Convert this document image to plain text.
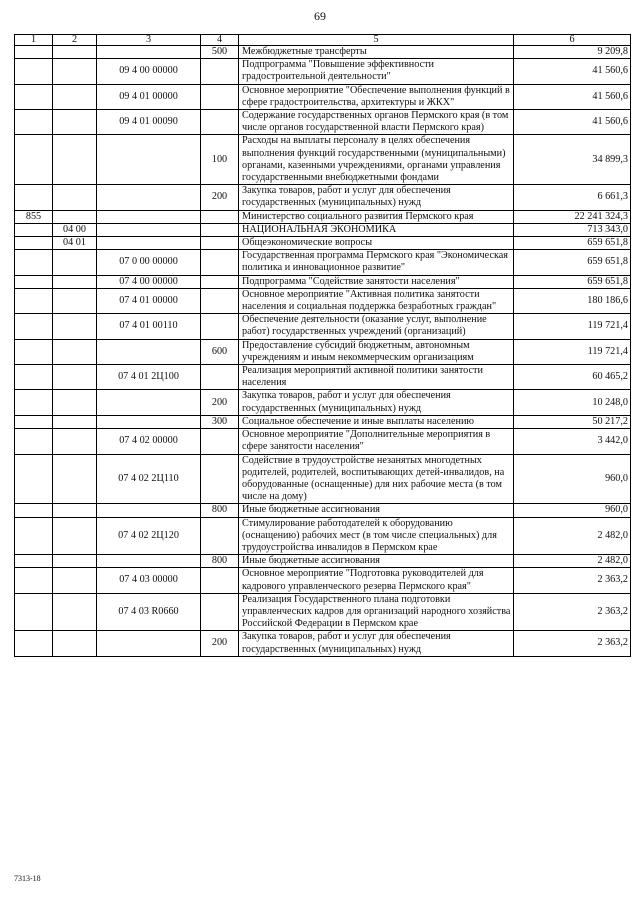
69
1	2	3	4	5	6
			500	Межбюджетные трансферты	9 209,8
		09 4 00 00000		Подпрограмма "Повышение эффективности градостроительной деятельности"	41 560,6
		09 4 01 00000		Основное мероприятие "Обеспечение выполнения функций в сфере градостроительства, архитектуры и ЖКХ"	41 560,6
		09 4 01 00090		Содержание государственных органов Пермского края (в том числе органов государственной власти Пермского края)	41 560,6
			100	Расходы на выплаты персоналу в целях обеспечения выполнения функций государственными (муниципальными) органами, казенными учреждениями, органами управления государственными внебюджетными фондами	34 899,3
			200	Закупка товаров, работ и услуг для обеспечения государственных (муниципальных) нужд	6 661,3
855				Министерство социального развития Пермского края	22 241 324,3
	04 00			НАЦИОНАЛЬНАЯ ЭКОНОМИКА	713 343,0
	04 01			Общеэкономические вопросы	659 651,8
		07 0 00 00000		Государственная программа Пермского края "Экономическая политика и инновационное развитие"	659 651,8
		07 4 00 00000		Подпрограмма "Содействие занятости населения"	659 651,8
		07 4 01 00000		Основное мероприятие "Активная политика занятости населения и социальная поддержка безработных граждан"	180 186,6
		07 4 01 00110		Обеспечение деятельности (оказание услуг, выполнение работ) государственных учреждений (организаций)	119 721,4
			600	Предоставление субсидий бюджетным, автономным учреждениям и иным некоммерческим организациям	119 721,4
		07 4 01 2Ц100		Реализация мероприятий активной политики занятости населения	60 465,2
			200	Закупка товаров, работ и услуг для обеспечения государственных (муниципальных) нужд	10 248,0
			300	Социальное обеспечение и иные выплаты населению	50 217,2
		07 4 02 00000		Основное мероприятие "Дополнительные мероприятия в сфере занятости населения"	3 442,0
		07 4 02 2Ц110		Содействие в трудоустройстве незанятых многодетных родителей, родителей, воспитывающих детей-инвалидов, на оборудованные (оснащенные) для них рабочие места (в том числе на дому)	960,0
			800	Иные бюджетные ассигнования	960,0
		07 4 02 2Ц120		Стимулирование работодателей к оборудованию (оснащению) рабочих мест (в том числе специальных) для трудоустройства инвалидов в Пермском крае	2 482,0
			800	Иные бюджетные ассигнования	2 482,0
		07 4 03 00000		Основное мероприятие "Подготовка руководителей для кадрового управленческого резерва Пермского края"	2 363,2
		07 4 03 R0660		Реализация Государственного плана подготовки управленческих кадров для организаций народного хозяйства Российской Федерации в Пермском крае	2 363,2
			200	Закупка товаров, работ и услуг для обеспечения государственных (муниципальных) нужд	2 363,2
7313-18
